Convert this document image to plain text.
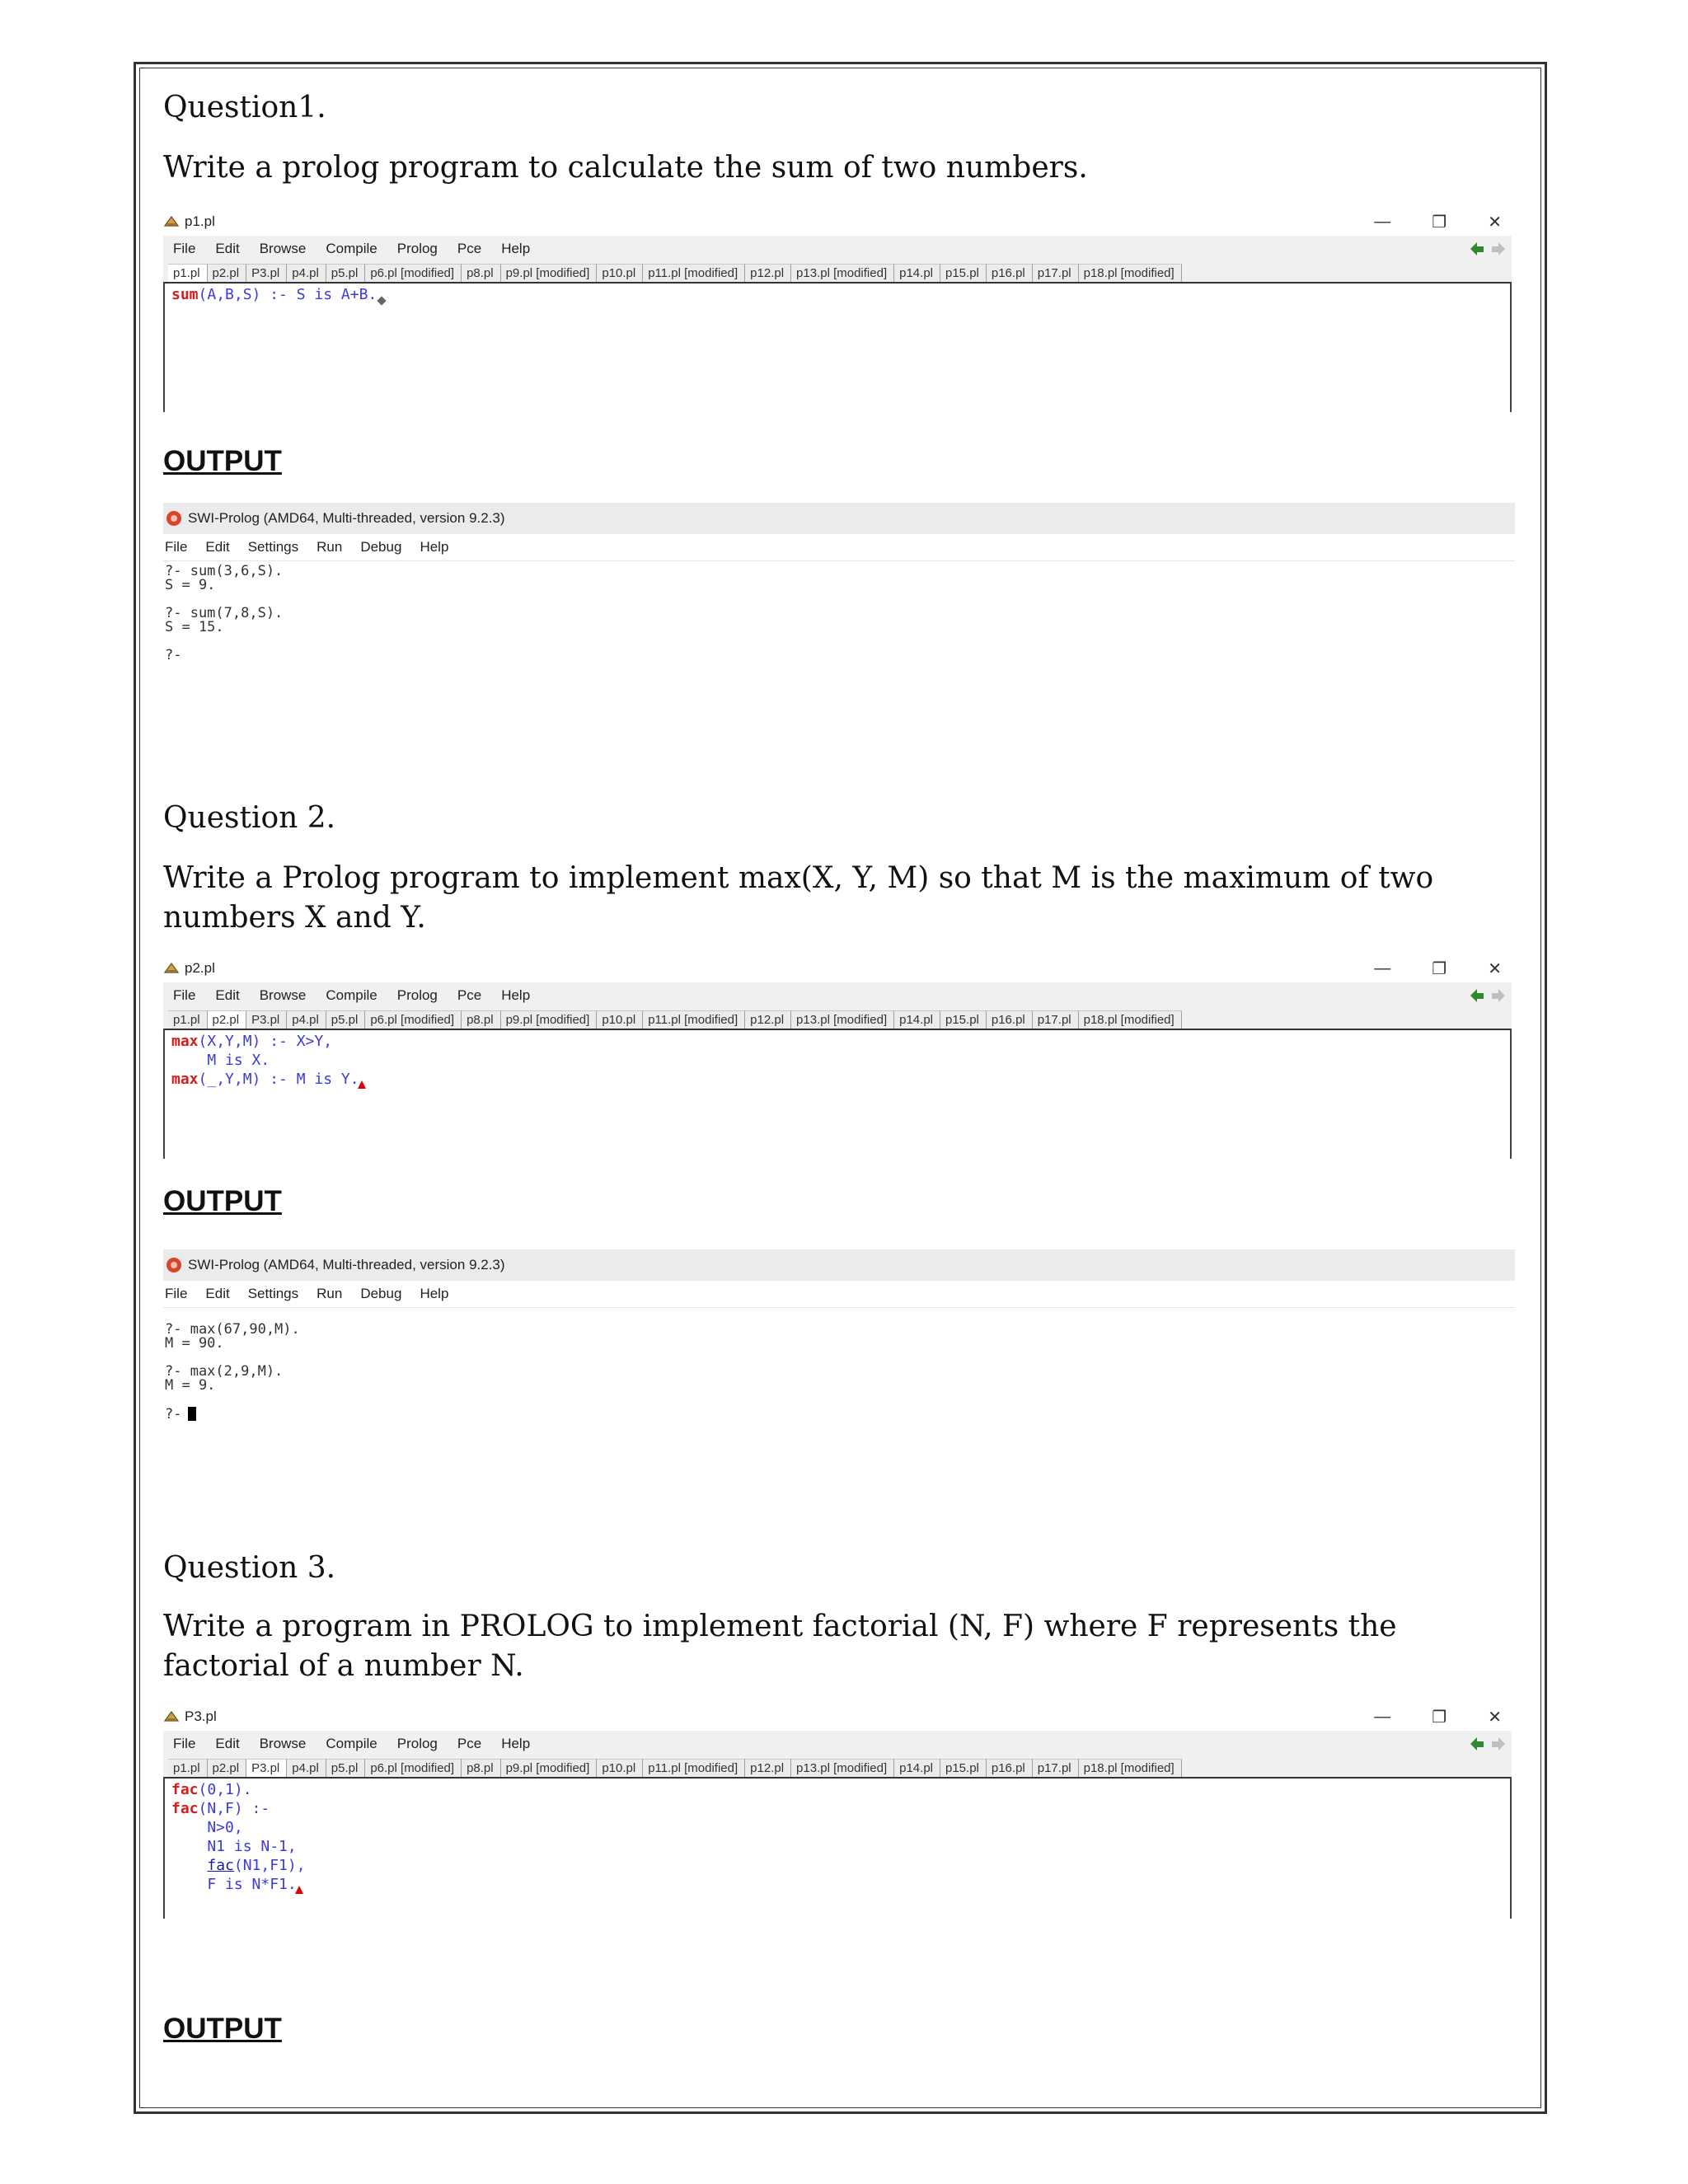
Question1.

Write a prolog program to calculate the sum of two numbers.

p1.pl	—	❐	✕
File Edit Browse Compile Prolog Pce Help
p1.pl	p2.pl	P3.pl	p4.pl	p5.pl	p6.pl [modified]	p8.pl	p9.pl [modified]	p10.pl	p11.pl [modified]	p12.pl	p13.pl [modified]	p14.pl	p15.pl	p16.pl	p17.pl	p18.pl [modified]
sum(A,B,S) :- S is A+B.

OUTPUT

SWI-Prolog (AMD64, Multi-threaded, version 9.2.3)
File Edit Settings Run Debug Help
?- sum(3,6,S).
S = 9.

?- sum(7,8,S).
S = 15.

?-

Question 2.

Write a Prolog program to implement max(X, Y, M) so that M is the maximum of two numbers X and Y.

p2.pl	—	❐	✕
File Edit Browse Compile Prolog Pce Help
p1.pl	p2.pl	P3.pl	p4.pl	p5.pl	p6.pl [modified]	p8.pl	p9.pl [modified]	p10.pl	p11.pl [modified]	p12.pl	p13.pl [modified]	p14.pl	p15.pl	p16.pl	p17.pl	p18.pl [modified]
max(X,Y,M) :- X>Y,
M is X.
max(_,Y,M) :- M is Y.

OUTPUT

SWI-Prolog (AMD64, Multi-threaded, version 9.2.3)
File Edit Settings Run Debug Help
?- max(67,90,M).
M = 90.

?- max(2,9,M).
M = 9.

?-

Question 3.

Write a program in PROLOG to implement factorial (N, F) where F represents the factorial of a number N.

P3.pl	—	❐	✕
File Edit Browse Compile Prolog Pce Help
p1.pl	p2.pl	P3.pl	p4.pl	p5.pl	p6.pl [modified]	p8.pl	p9.pl [modified]	p10.pl	p11.pl [modified]	p12.pl	p13.pl [modified]	p14.pl	p15.pl	p16.pl	p17.pl	p18.pl [modified]
fac(0,1).
fac(N,F) :-
N>0,
N1 is N-1,
fac(N1,F1),
F is N*F1.

OUTPUT
